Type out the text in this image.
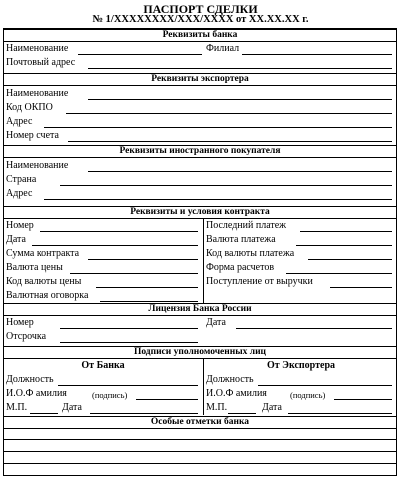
ПАСПОРТ СДЕЛКИ
№ 1/XXXXXXXX/XXX/XXXX от XX.XX.XX г.
Реквизиты банка
Наименование	Филиал
Почтовый адрес
Реквизиты экспортера
Наименование
Код ОКПО
Адрес
Номер счета
Реквизиты иностранного покупателя
Наименование
Страна
Адрес
Реквизиты и условия контракта
Номер	Последний платеж
Дата	Валюта платежа
Сумма контракта	Код валюты платежа
Валюта цены	Форма расчетов
Код валюты цены	Поступление от выручки
Валютная оговорка
Лицензия Банка России
Номер	Дата
Отсрочка
Подписи уполномоченных лиц
От Банка	От Экспортера
Должность	Должность
И.О.Ф амилия	(подпись)	И.О.Ф амилия	(подпись)
М.П.	Дата	М.П.	Дата
Особые отметки банка
